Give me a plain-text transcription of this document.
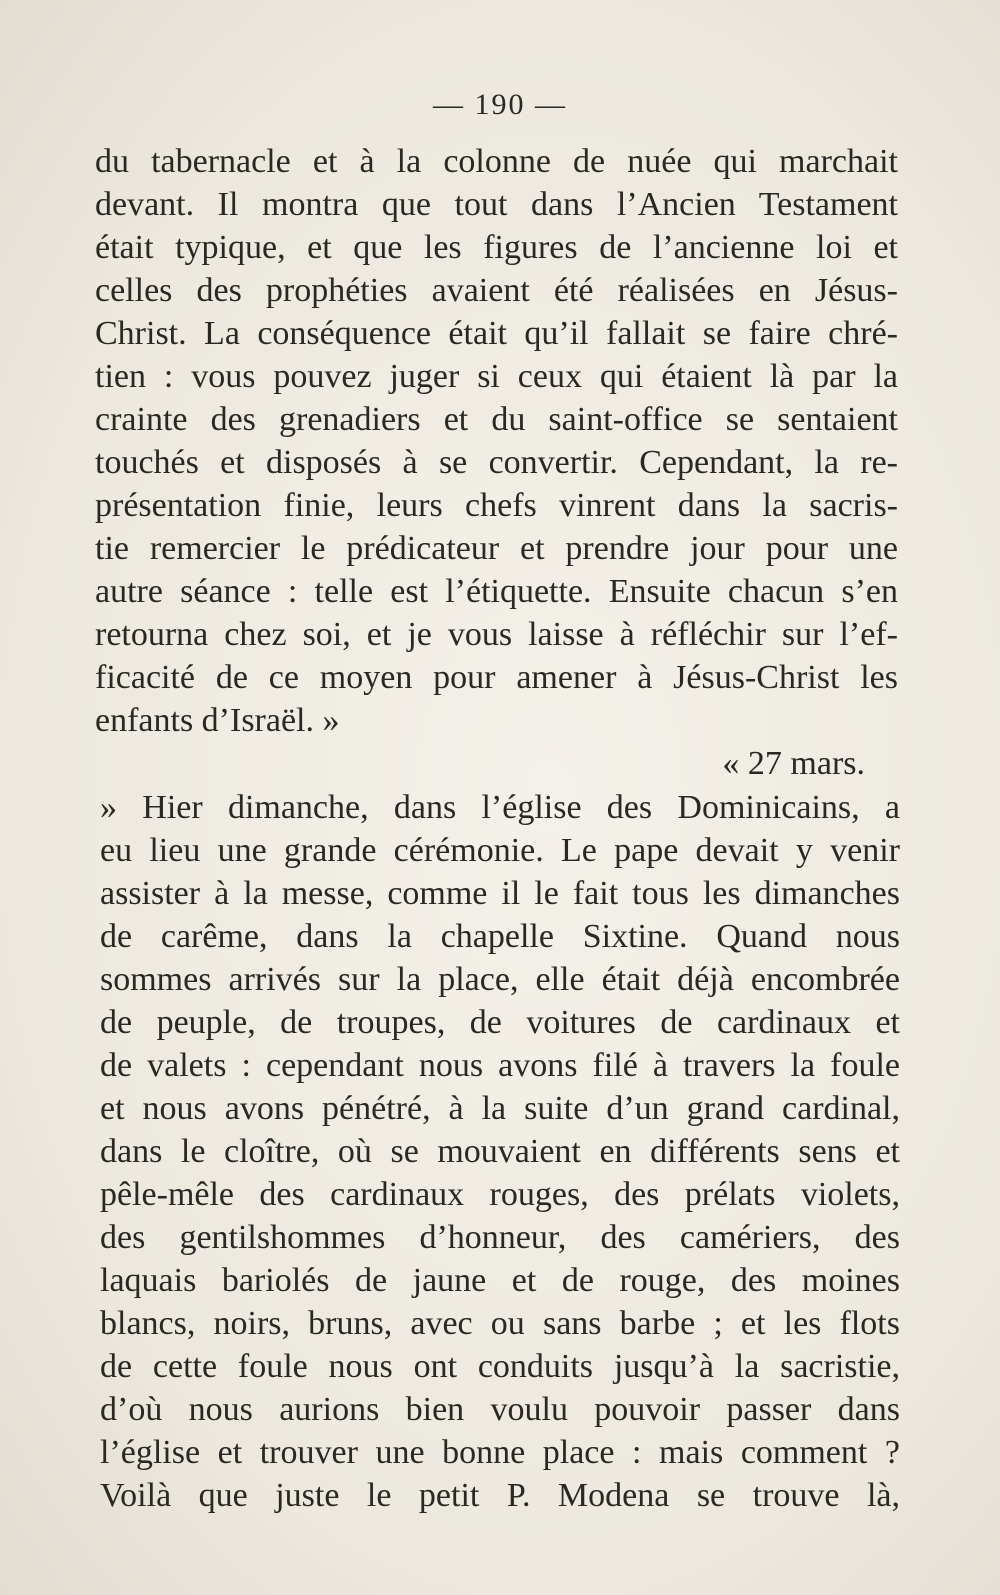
— 190 —
du tabernacle et à la colonne de nuée qui marchait
devant. Il montra que tout dans l’Ancien Testament
était typique, et que les figures de l’ancienne loi et
celles des prophéties avaient été réalisées en Jésus-
Christ. La conséquence était qu’il fallait se faire chré-
tien : vous pouvez juger si ceux qui étaient là par la
crainte des grenadiers et du saint-office se sentaient
touchés et disposés à se convertir. Cependant, la re-
présentation finie, leurs chefs vinrent dans la sacris-
tie remercier le prédicateur et prendre jour pour une
autre séance : telle est l’étiquette. Ensuite chacun s’en
retourna chez soi, et je vous laisse à réfléchir sur l’ef-
ficacité de ce moyen pour amener à Jésus-Christ les
enfants d’Israël. »
« 27 mars.
» Hier dimanche, dans l’église des Dominicains, a
eu lieu une grande cérémonie. Le pape devait y venir
assister à la messe, comme il le fait tous les dimanches
de carême, dans la chapelle Sixtine. Quand nous
sommes arrivés sur la place, elle était déjà encombrée
de peuple, de troupes, de voitures de cardinaux et
de valets : cependant nous avons filé à travers la foule
et nous avons pénétré, à la suite d’un grand cardinal,
dans le cloître, où se mouvaient en différents sens et
pêle-mêle des cardinaux rouges, des prélats violets,
des gentilshommes d’honneur, des camériers, des
laquais bariolés de jaune et de rouge, des moines
blancs, noirs, bruns, avec ou sans barbe ; et les flots
de cette foule nous ont conduits jusqu’à la sacristie,
d’où nous aurions bien voulu pouvoir passer dans
l’église et trouver une bonne place : mais comment ?
Voilà que juste le petit P. Modena se trouve là,
